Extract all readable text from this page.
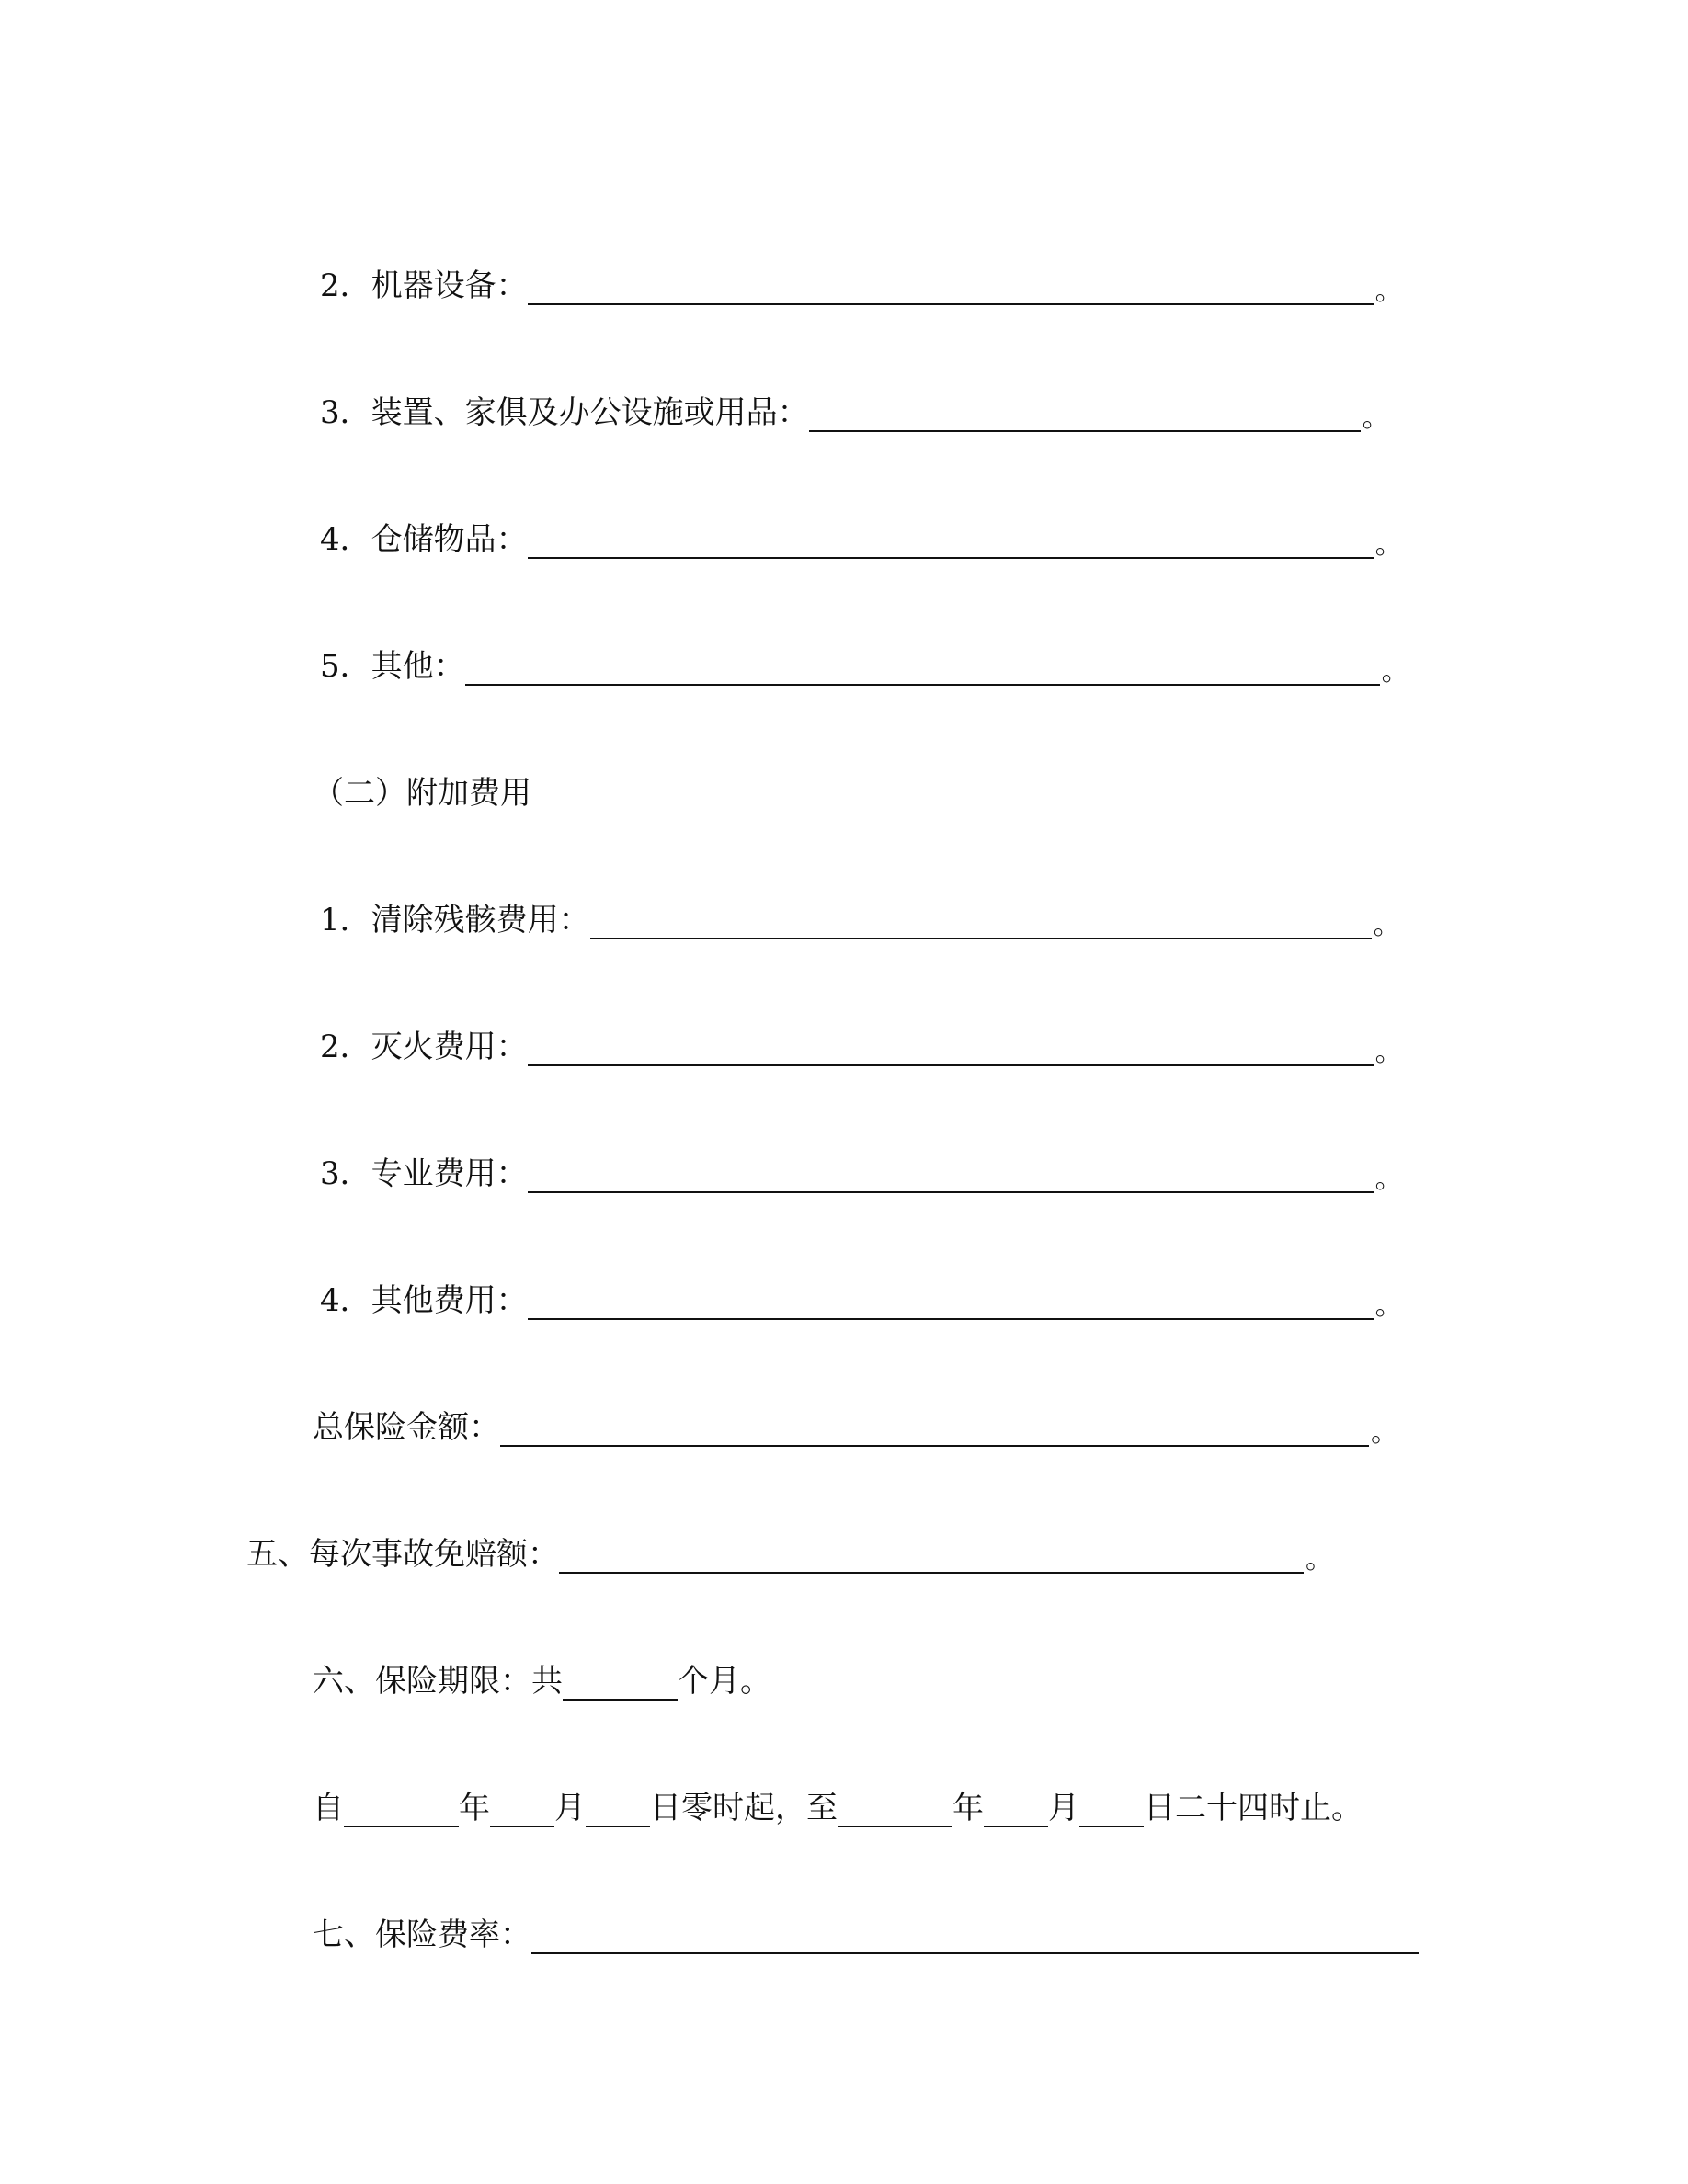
2．机器设备：	。
3．装置、家俱及办公设施或用品：	。
4．仓储物品：	。
5．其他：	。
（二）附加费用
1．清除残骸费用：	。
2．灭火费用：	。
3．专业费用：	。
4．其他费用：	。
总保险金额：	。
五、每次事故免赔额：	。
六、保险期限：共	个月。
自	年 月 日零时起，至	年 月 日二十四时止。
七、保险费率：
